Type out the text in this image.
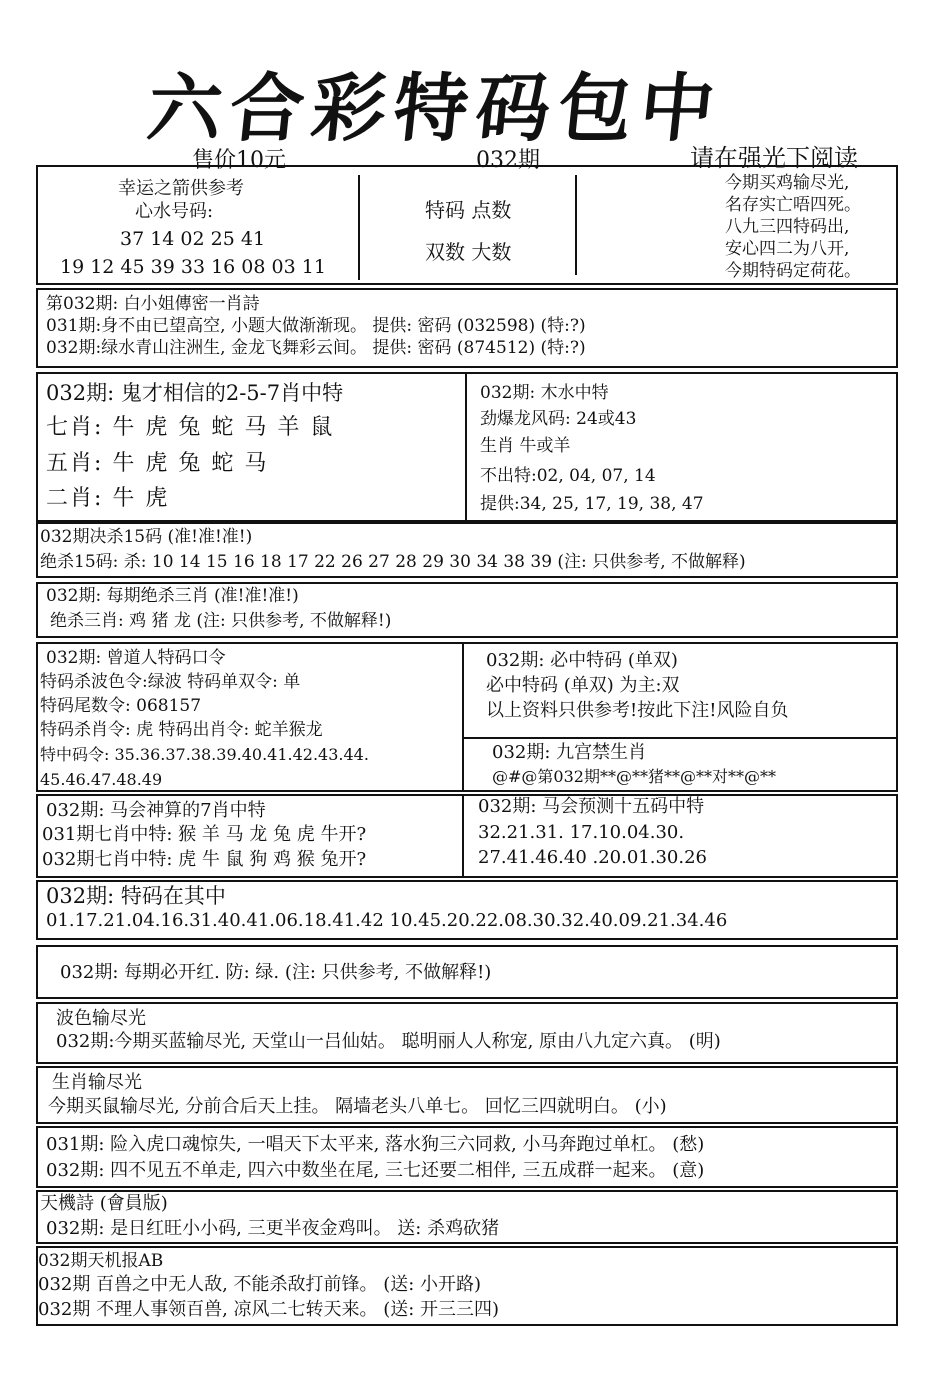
六合彩特码包中
售价10元	032期	请在强光下阅读
幸运之箭供参考
心水号码:
37 14 02 25 41
19 12 45 39 33 16 08 03 11
特码 点数
双数 大数
今期买鸡输尽光,
名存实亡唔四死。
八九三四特码出,
安心四二为八开,
今期特码定荷花。
第032期: 白小姐傳密一肖詩
031期:身不由已望高空, 小题大做渐渐现。 提供: 密码 (032598) (特:?)
032期:绿水青山注洲生, 金龙飞舞彩云间。 提供: 密码 (874512) (特:?)
032期: 鬼才相信的2-5-7肖中特
七肖: 牛 虎 兔 蛇 马 羊 鼠
五肖: 牛 虎 兔 蛇 马
二肖: 牛 虎
032期: 木水中特
劲爆龙风码: 24或43
生肖 牛或羊
不出特:02, 04, 07, 14
提供:34, 25, 17, 19, 38, 47
032期决杀15码 (准!准!准!)
绝杀15码: 杀: 10 14 15 16 18 17 22 26 27 28 29 30 34 38 39 (注: 只供参考, 不做解释)
032期: 每期绝杀三肖 (准!准!准!)
绝杀三肖: 鸡 猪 龙 (注: 只供参考, 不做解释!)
032期: 曾道人特码口令
特码杀波色令:绿波 特码单双令: 单
特码尾数令: 068157
特码杀肖令: 虎 特码出肖令: 蛇羊猴龙
特中码令: 35.36.37.38.39.40.41.42.43.44.
45.46.47.48.49
032期: 必中特码 (单双)
必中特码 (单双) 为主:双
以上资料只供参考!按此下注!风险自负
032期: 九宫禁生肖
@#@第032期**@**猪**@**对**@**
032期: 马会神算的7肖中特
031期七肖中特: 猴 羊 马 龙 兔 虎 牛开?
032期七肖中特: 虎 牛 鼠 狗 鸡 猴 兔开?
032期: 马会预测十五码中特
32.21.31. 17.10.04.30.
27.41.46.40 .20.01.30.26
032期: 特码在其中
01.17.21.04.16.31.40.41.06.18.41.42 10.45.20.22.08.30.32.40.09.21.34.46
032期: 每期必开红. 防: 绿. (注: 只供参考, 不做解释!)
波色输尽光
032期:今期买蓝输尽光, 天堂山一吕仙姑。 聪明丽人人称宠, 原由八九定六真。 (明)
生肖输尽光
今期买鼠输尽光, 分前合后天上挂。 隔墙老头八单七。 回忆三四就明白。 (小)
031期: 险入虎口魂惊失, 一唱天下太平来, 落水狗三六同救, 小马奔跑过单杠。 (愁)
032期: 四不见五不单走, 四六中数坐在尾, 三七还要二相伴, 三五成群一起来。 (意)
天機詩 (會員版)
032期: 是日红旺小小码, 三更半夜金鸡叫。 送: 杀鸡砍猪
032期天机报AB
032期 百兽之中无人敌, 不能杀敌打前锋。 (送: 小开路)
032期 不理人事领百兽, 凉风二七转天来。 (送: 开三三四)
